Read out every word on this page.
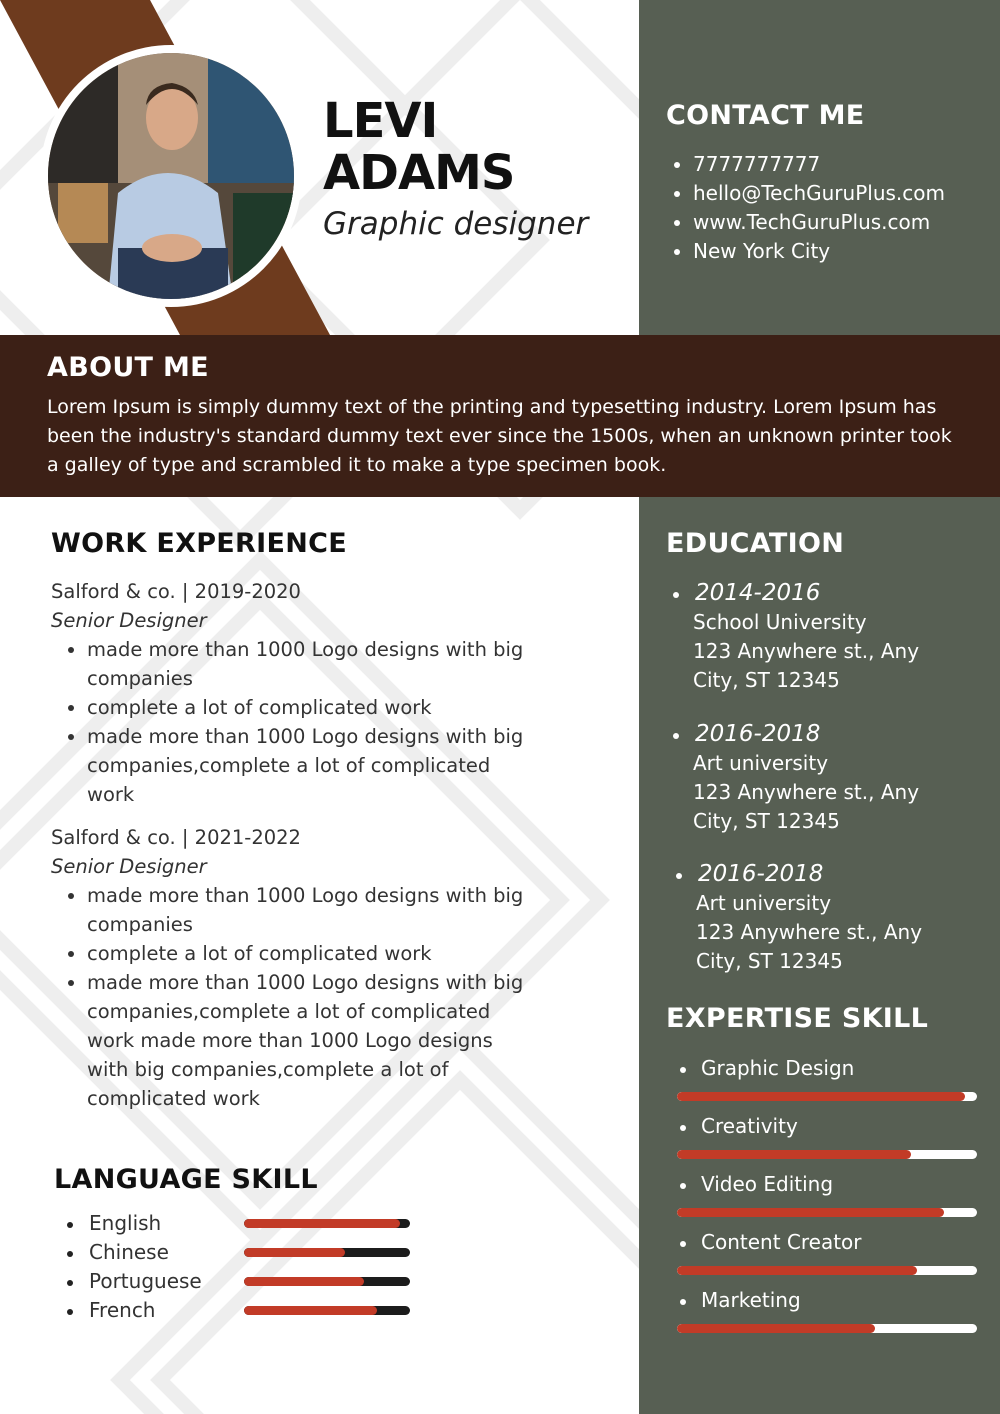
LEVI
ADAMS

Graphic designer

CONTACT ME
• 7777777777
• hello@TechGuruPlus.com
• www.TechGuruPlus.com
• New York City
ABOUT ME

Lorem Ipsum is simply dummy text of the printing and typesetting industry. Lorem Ipsum has been the industry's standard dummy text ever since the 1500s, when an unknown printer took a galley of type and scrambled it to make a type specimen book.

WORK EXPERIENCE

Salford & co. | 2019-2020

Senior Designer

• made more than 1000 Logo designs with big companies
• complete a lot of complicated work
• made more than 1000 Logo designs with big companies,complete a lot of complicated work

Salford & co. | 2021-2022

Senior Designer

• made more than 1000 Logo designs with big companies
• complete a lot of complicated work
• made more than 1000 Logo designs with big companies,complete a lot of complicated work made more than 1000 Logo designs with big companies,complete a lot of complicated work
LANGUAGE SKILL
English
Chinese
Portuguese
French
EDUCATION

2014-2016

School University

123 Anywhere st., Any City, ST 12345

2016-2018

Art university

123 Anywhere st., Any City, ST 12345

2016-2018

Art university

123 Anywhere st., Any City, ST 12345

EXPERTISE SKILL
Graphic Design
Creativity
Video Editing
Content Creator
Marketing
